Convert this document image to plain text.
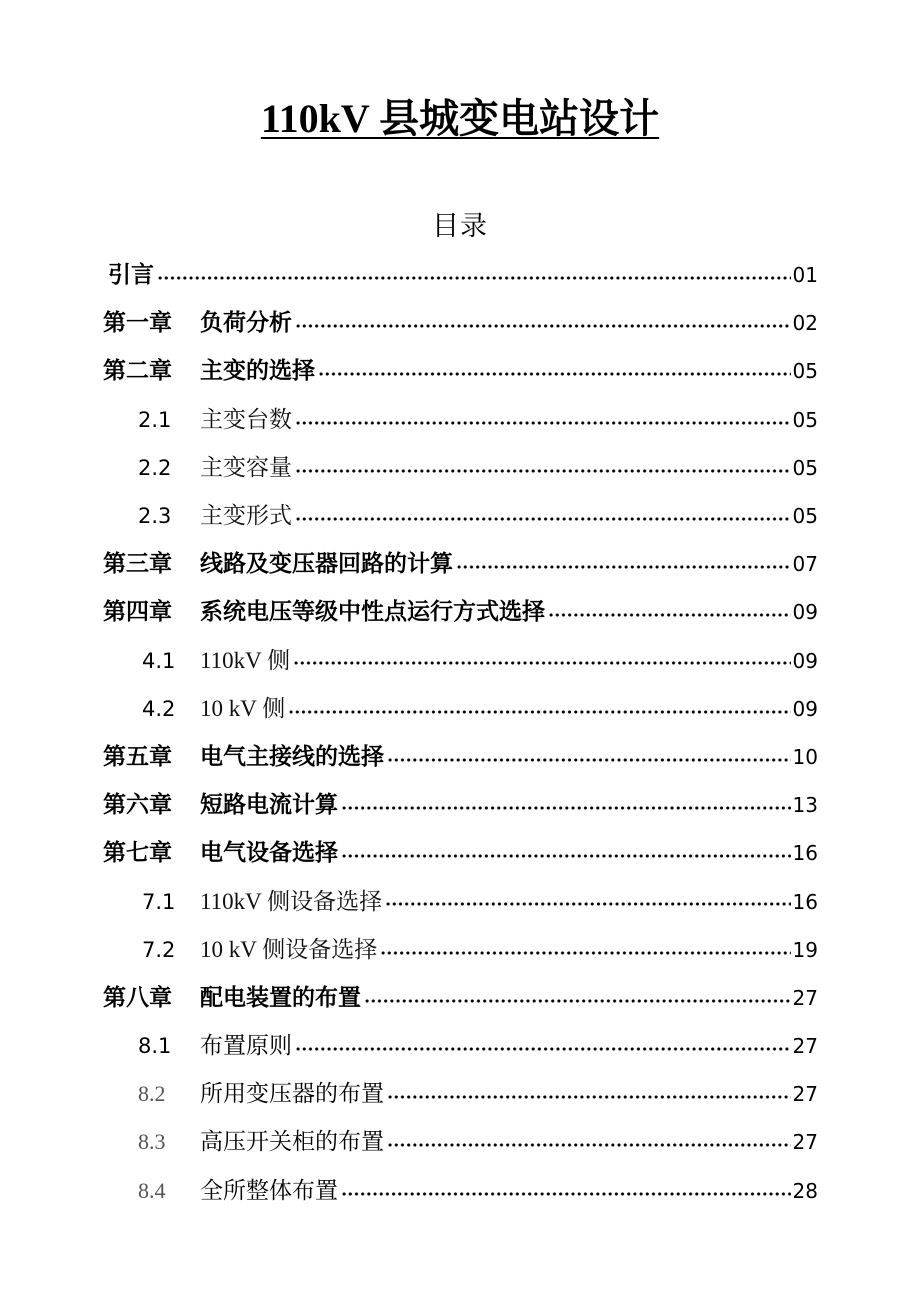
110kV 县城变电站设计
目录
引言	01
第一章	负荷分析	02
第二章	主变的选择	05
2.1	主变台数	05
2.2	主变容量	05
2.3	主变形式	05
第三章	线路及变压器回路的计算	07
第四章	系统电压等级中性点运行方式选择	09
4.1	110kV 侧	09
4.2	10 kV 侧	09
第五章	电气主接线的选择	10
第六章	短路电流计算	13
第七章	电气设备选择	16
7.1	110kV 侧设备选择	16
7.2	10 kV 侧设备选择	19
第八章	配电装置的布置	27
8.1	布置原则	27
8.2	所用变压器的布置	27
8.3	高压开关柜的布置	27
8.4	全所整体布置	28
